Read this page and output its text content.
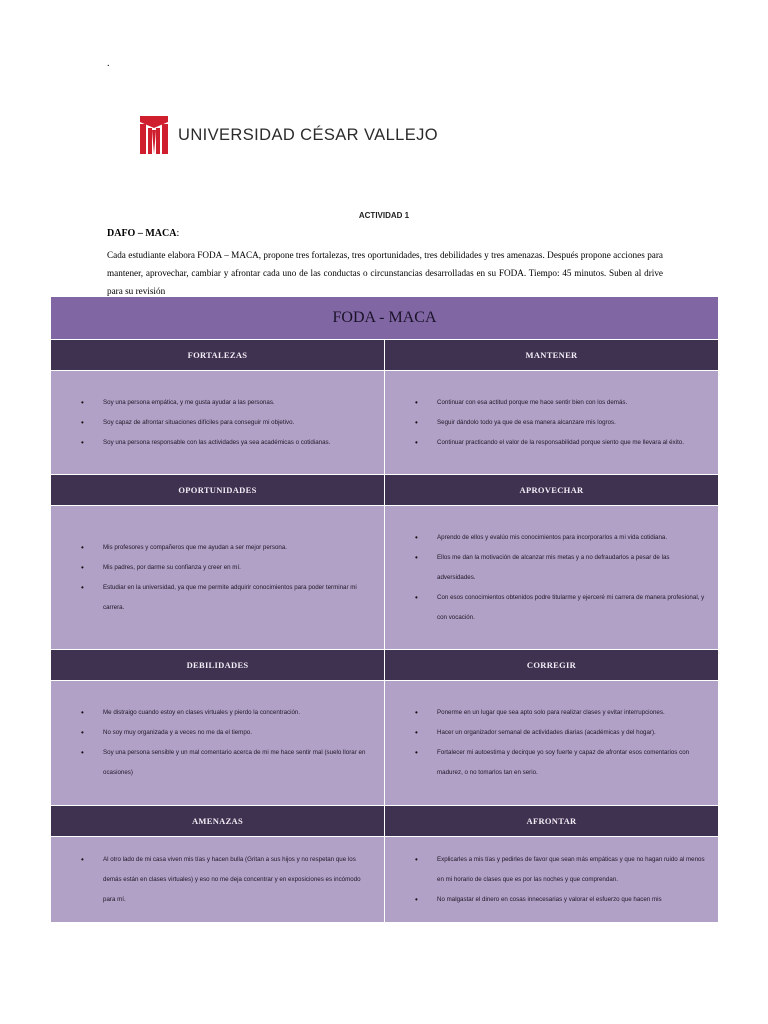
.
UNIVERSIDAD CÉSAR VALLEJO
ACTIVIDAD 1
DAFO – MACA:
Cada estudiante elabora FODA – MACA, propone tres fortalezas, tres oportunidades, tres debilidades y tres amenazas. Después propone acciones para mantener, aprovechar, cambiar y afrontar cada uno de las conductas o circunstancias desarrolladas en su FODA. Tiempo: 45 minutos. Suben al drive para su revisión
FODA - MACA
FORTALEZAS
• Soy una persona empática, y me gusta ayudar a las personas.
• Soy capaz de afrontar situaciones difíciles para conseguir mi objetivo.
• Soy una persona responsable con las actividades ya sea académicas o cotidianas.
MANTENER
• Continuar con esa actitud porque me hace sentir bien con los demás.
• Seguir dándolo todo ya que de esa manera alcanzare mis logros.
• Continuar practicando el valor de la responsabilidad porque siento que me llevara al éxito.
OPORTUNIDADES
• Mis profesores y compañeros que me ayudan a ser mejor persona.
• Mis padres, por darme su confianza y creer en mí.
• Estudiar en la universidad, ya que me permite adquirir conocimientos para poder terminar mi carrera.
APROVECHAR
• Aprendo de ellos y evalúo mis conocimientos para incorporarlos a mi vida cotidiana.
• Ellos me dan la motivación de alcanzar mis metas y a no defraudarlos a pesar de las adversidades.
• Con esos conocimientos obtenidos podre titularme y ejerceré mi carrera de manera profesional, y con vocación.
DEBILIDADES
• Me distraigo cuando estoy en clases virtuales y pierdo la concentración.
• No soy muy organizada y a veces no me da el tiempo.
• Soy una persona sensible y un mal comentario acerca de mi me hace sentir mal (suelo llorar en ocasiones)
CORREGIR
• Ponerme en un lugar que sea apto solo para realizar clases y evitar interrupciones.
• Hacer un organizador semanal de actividades diarias (académicas y del hogar).
• Fortalecer mi autoestima y decirque yo soy fuerte y capaz de afrontar esos comentarios con madurez, o no tomarlos tan en serio.
AMENAZAS
• Al otro lado de mi casa viven mis tías y hacen bulla (Gritan a sus hijos y no respetan que los demás están en clases virtuales) y eso no me deja concentrar y en exposiciones es incómodo para mí.
AFRONTAR
• Explicarles a mis tías y pedirles de favor que sean más empáticas y que no hagan ruido al menos en mi horario de clases que es por las noches y que comprendan.
• No malgastar el dinero en cosas innecesarias y valorar el esfuerzo que hacen mis
